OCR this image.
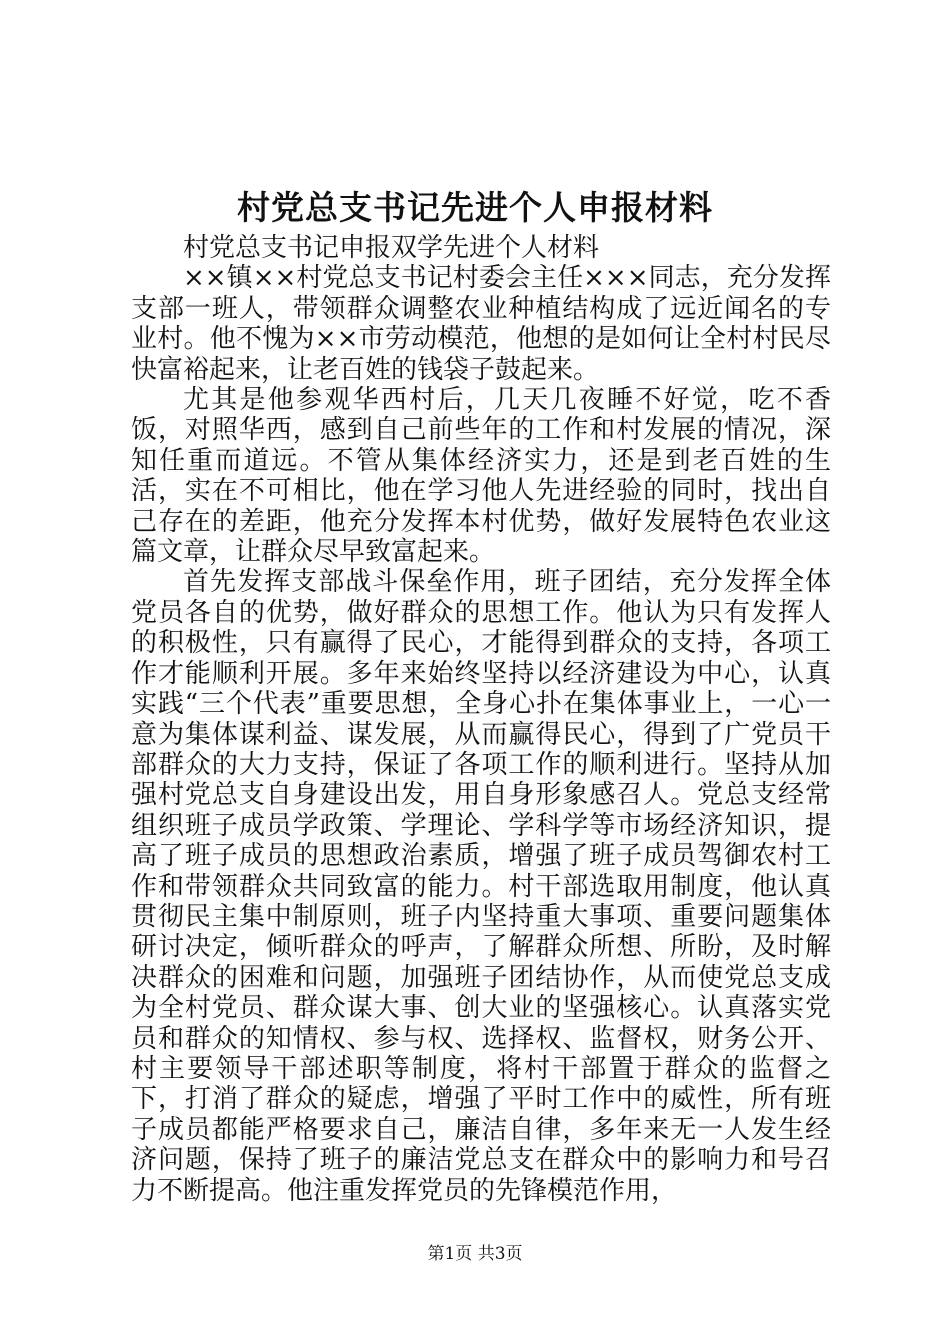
村党总支书记先进个人申报材料

村党总支书记申报双学先进个人材料

××镇××村党总支书记村委会主任×××同志，充分发挥支部一班人，带领群众调整农业种植结构成了远近闻名的专业村。他不愧为××市劳动模范，他想的是如何让全村村民尽快富裕起来，让老百姓的钱袋子鼓起来。

尤其是他参观华西村后，几天几夜睡不好觉，吃不香饭，对照华西，感到自己前些年的工作和村发展的情况，深知任重而道远。不管从集体经济实力，还是到老百姓的生活，实在不可相比，他在学习他人先进经验的同时，找出自己存在的差距，他充分发挥本村优势，做好发展特色农业这篇文章，让群众尽早致富起来。

首先发挥支部战斗保垒作用，班子团结，充分发挥全体党员各自的优势，做好群众的思想工作。他认为只有发挥人的积极性，只有赢得了民心，才能得到群众的支持，各项工作才能顺利开展。多年来始终坚持以经济建设为中心，认真实践“三个代表”重要思想，全身心扑在集体事业上，一心一意为集体谋利益、谋发展，从而赢得民心，得到了广党员干部群众的大力支持，保证了各项工作的顺利进行。坚持从加强村党总支自身建设出发，用自身形象感召人。党总支经常组织班子成员学政策、学理论、学科学等市场经济知识，提高了班子成员的思想政治素质，增强了班子成员驾御农村工作和带领群众共同致富的能力。村干部选取用制度，他认真贯彻民主集中制原则，班子内坚持重大事项、重要问题集体研讨决定，倾听群众的呼声，了解群众所想、所盼，及时解决群众的困难和问题，加强班子团结协作，从而使党总支成为全村党员、群众谋大事、创大业的坚强核心。认真落实党员和群众的知情权、参与权、选择权、监督权，财务公开、村主要领导干部述职等制度，将村干部置于群众的监督之下，打消了群众的疑虑，增强了平时工作中的威性，所有班子成员都能严格要求自己，廉洁自律，多年来无一人发生经济问题，保持了班子的廉洁党总支在群众中的影响力和号召力不断提高。他注重发挥党员的先锋模范作用，

第1页 共3页
